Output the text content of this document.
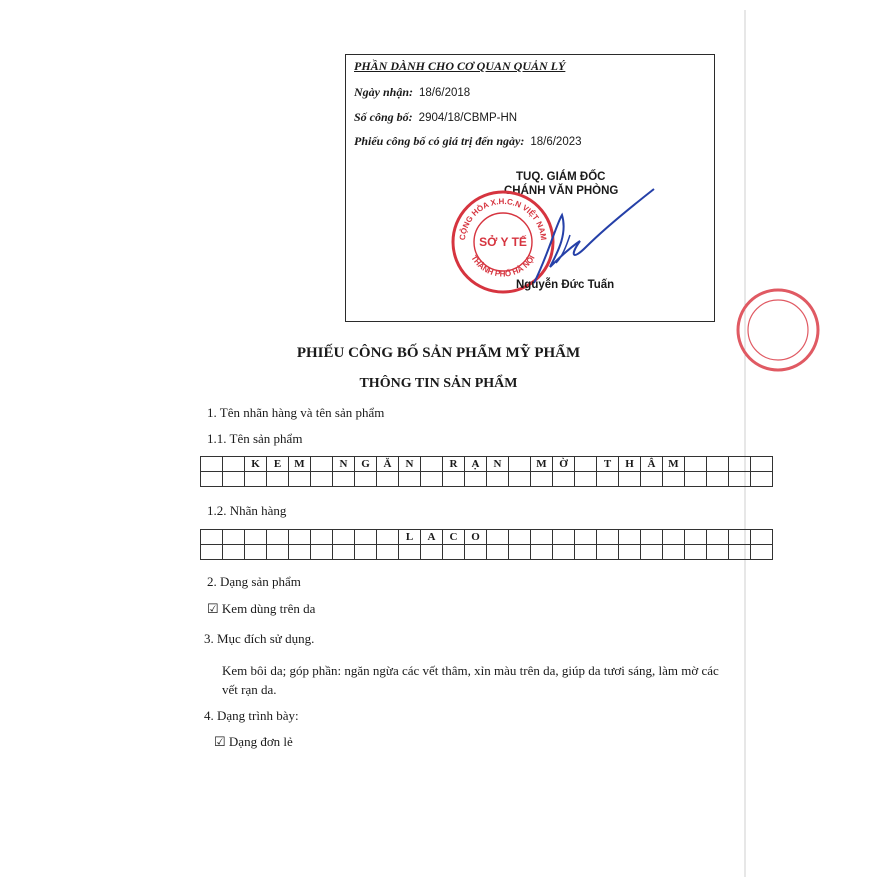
PHẦN DÀNH CHO CƠ QUAN QUẢN LÝ
Ngày nhận: 18/6/2018
Số công bố: 2904/18/CBMP-HN
Phiếu công bố có giá trị đến ngày: 18/6/2023
TUQ. GIÁM ĐỐC
CHÁNH VĂN PHÒNG
CỘNG HÒA X.H.C.N VIỆT NAM
THÀNH PHỐ HÀ NỘI
SỞ Y TẾ
Nguyễn Đức Tuấn
PHIẾU CÔNG BỐ SẢN PHẨM MỸ PHẨM
THÔNG TIN SẢN PHẨM
1. Tên nhãn hàng và tên sản phẩm
1.1. Tên sản phẩm
		K	E	M		N	G	Ă	N		R	Ạ	N		M	Ờ		T	H	Â	M				

1.2. Nhãn hàng
									L	A	C	O													

2. Dạng sản phẩm
☑ Kem dùng trên da
3. Mục đích sử dụng.
Kem bôi da; góp phần: ngăn ngừa các vết thâm, xỉn màu trên da, giúp da tươi sáng, làm mờ các vết rạn da.
4. Dạng trình bày:
☑ Dạng đơn lẻ
